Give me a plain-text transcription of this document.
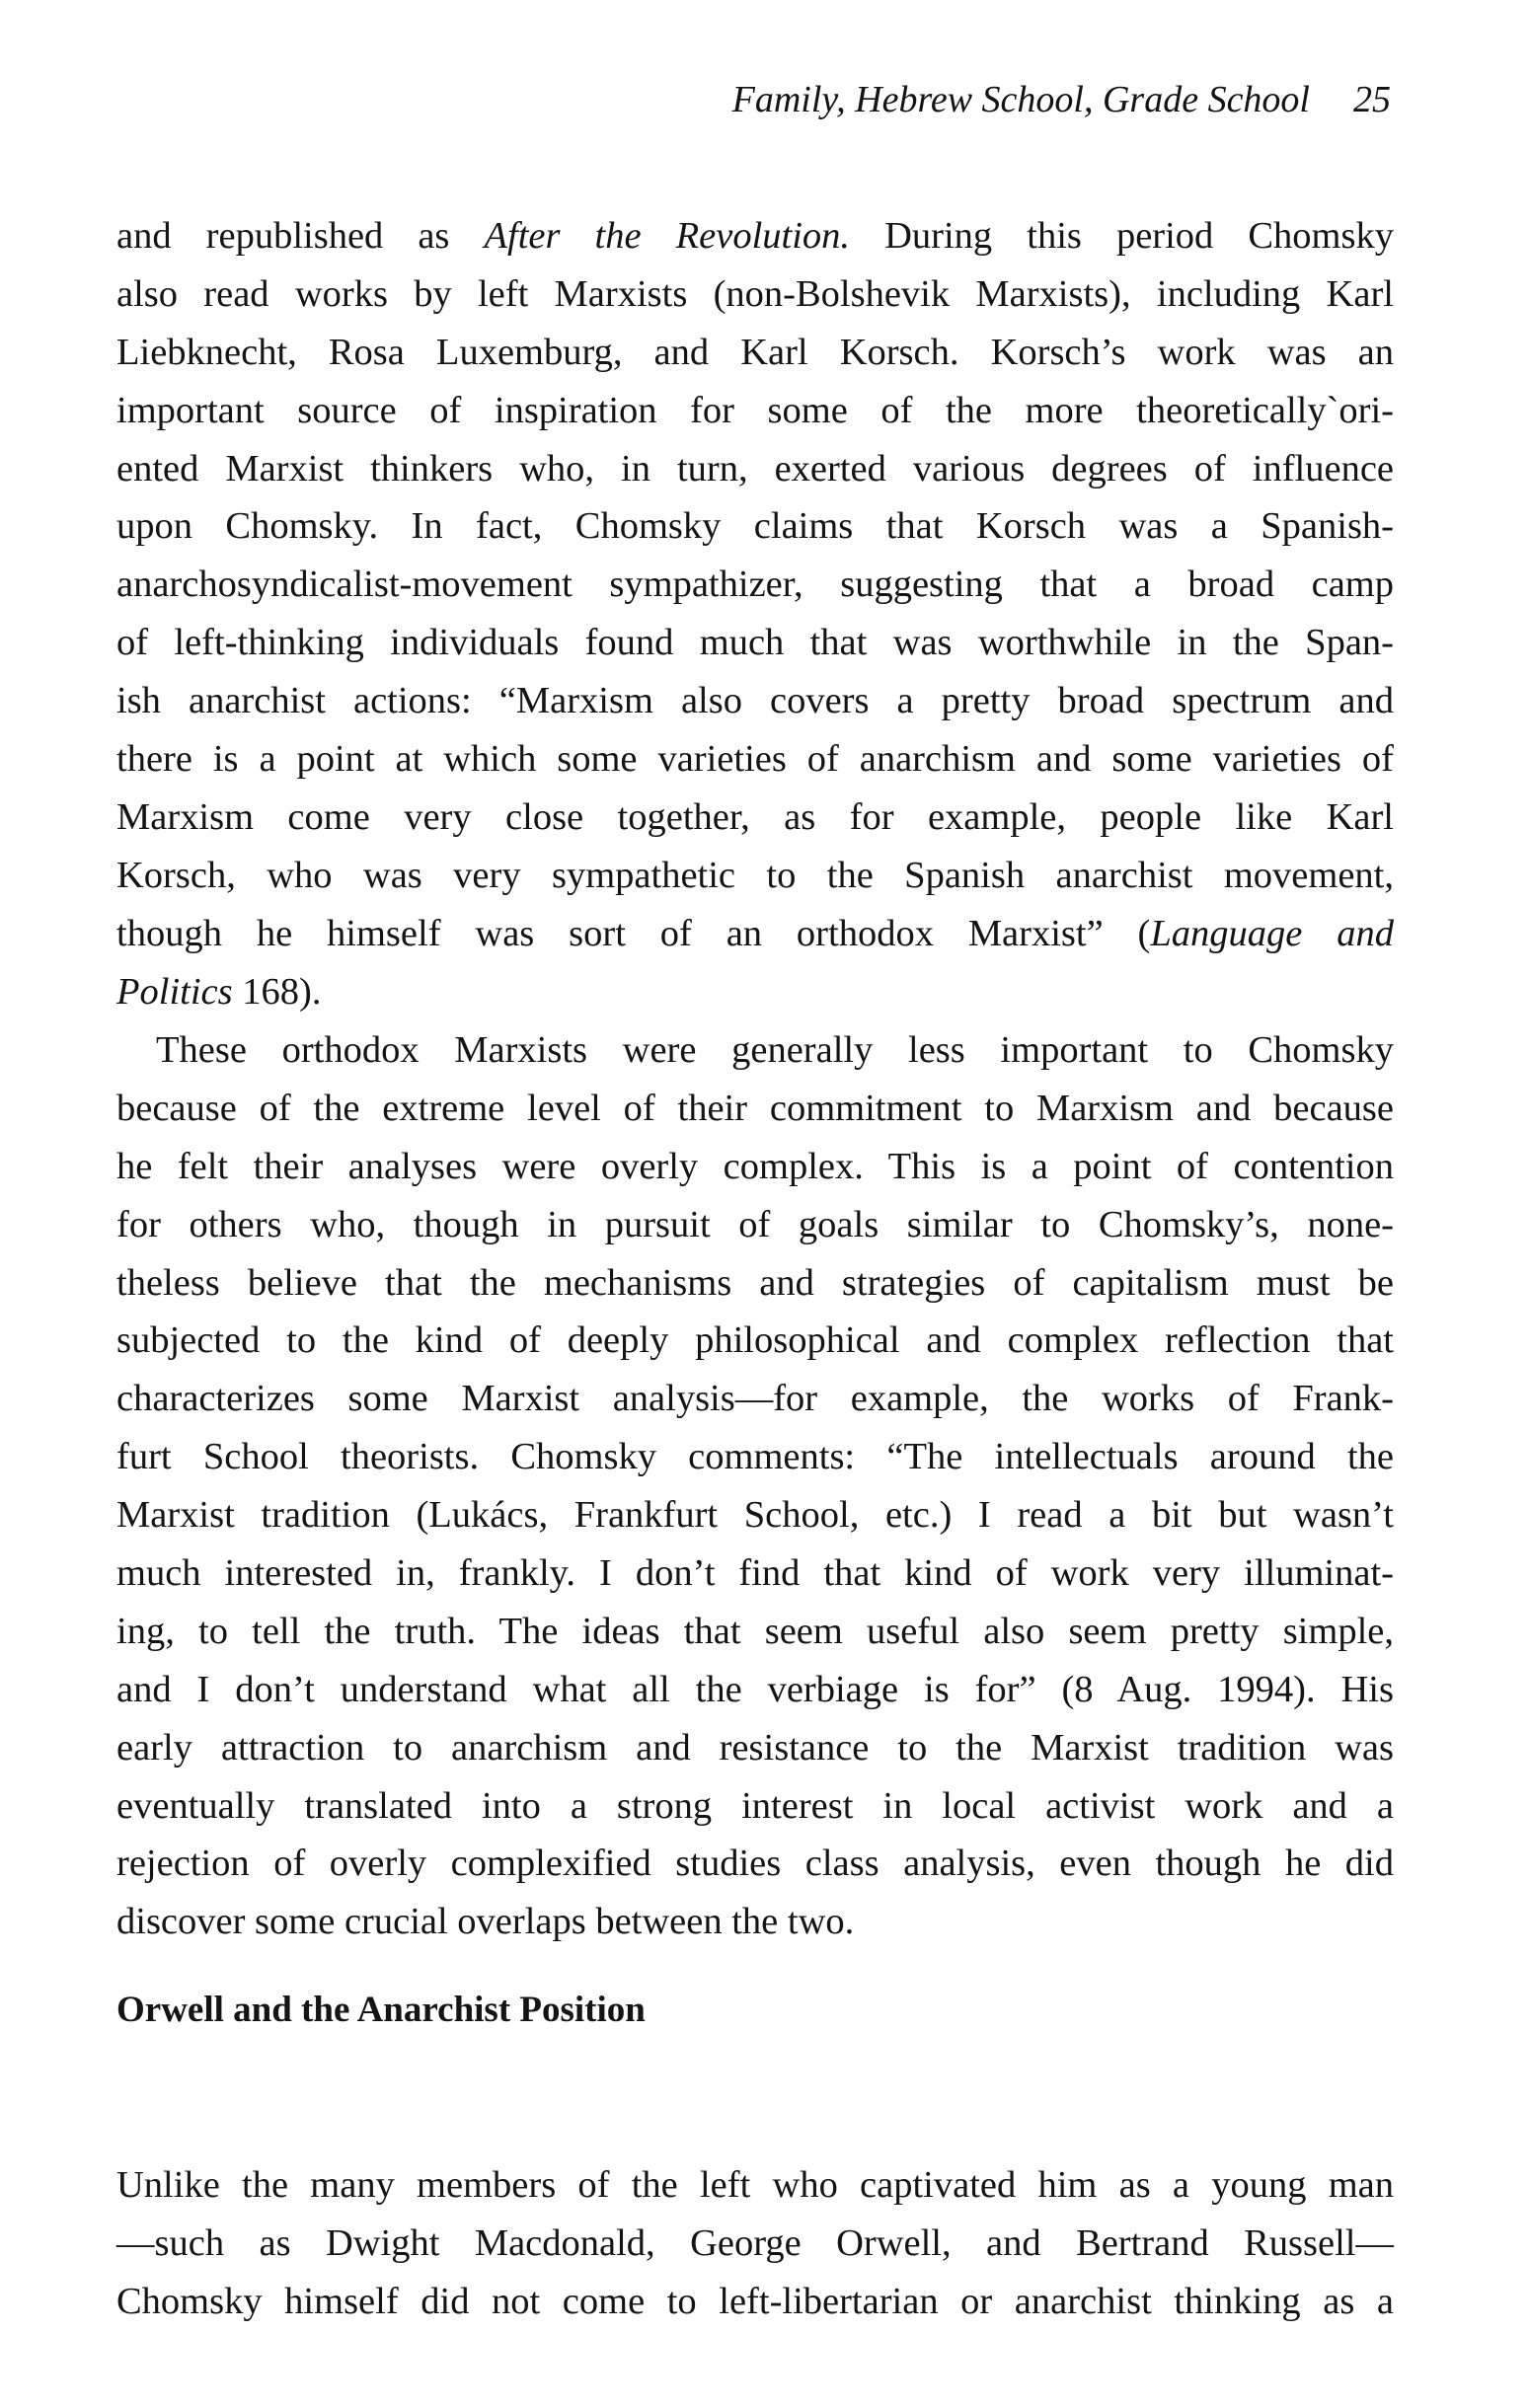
Family, Hebrew School, Grade School 25
and republished as After the Revolution. During this period Chomsky
also read works by left Marxists (non-Bolshevik Marxists), including Karl
Liebknecht, Rosa Luxemburg, and Karl Korsch. Korsch’s work was an
important source of inspiration for some of the more theoretically`ori-
ented Marxist thinkers who, in turn, exerted various degrees of influence
upon Chomsky. In fact, Chomsky claims that Korsch was a Spanish-
anarchosyndicalist-movement sympathizer, suggesting that a broad camp
of left-thinking individuals found much that was worthwhile in the Span-
ish anarchist actions: “Marxism also covers a pretty broad spectrum and
there is a point at which some varieties of anarchism and some varieties of
Marxism come very close together, as for example, people like Karl
Korsch, who was very sympathetic to the Spanish anarchist movement,
though he himself was sort of an orthodox Marxist” (Language and
Politics 168).
These orthodox Marxists were generally less important to Chomsky
because of the extreme level of their commitment to Marxism and because
he felt their analyses were overly complex. This is a point of contention
for others who, though in pursuit of goals similar to Chomsky’s, none-
theless believe that the mechanisms and strategies of capitalism must be
subjected to the kind of deeply philosophical and complex reflection that
characterizes some Marxist analysis—for example, the works of Frank-
furt School theorists. Chomsky comments: “The intellectuals around the
Marxist tradition (Lukács, Frankfurt School, etc.) I read a bit but wasn’t
much interested in, frankly. I don’t find that kind of work very illuminat-
ing, to tell the truth. The ideas that seem useful also seem pretty simple,
and I don’t understand what all the verbiage is for” (8 Aug. 1994). His
early attraction to anarchism and resistance to the Marxist tradition was
eventually translated into a strong interest in local activist work and a
rejection of overly complexified studies class analysis, even though he did
discover some crucial overlaps between the two.
Orwell and the Anarchist Position
Unlike the many members of the left who captivated him as a young man
—such as Dwight Macdonald, George Orwell, and Bertrand Russell—
Chomsky himself did not come to left-libertarian or anarchist thinking as a
